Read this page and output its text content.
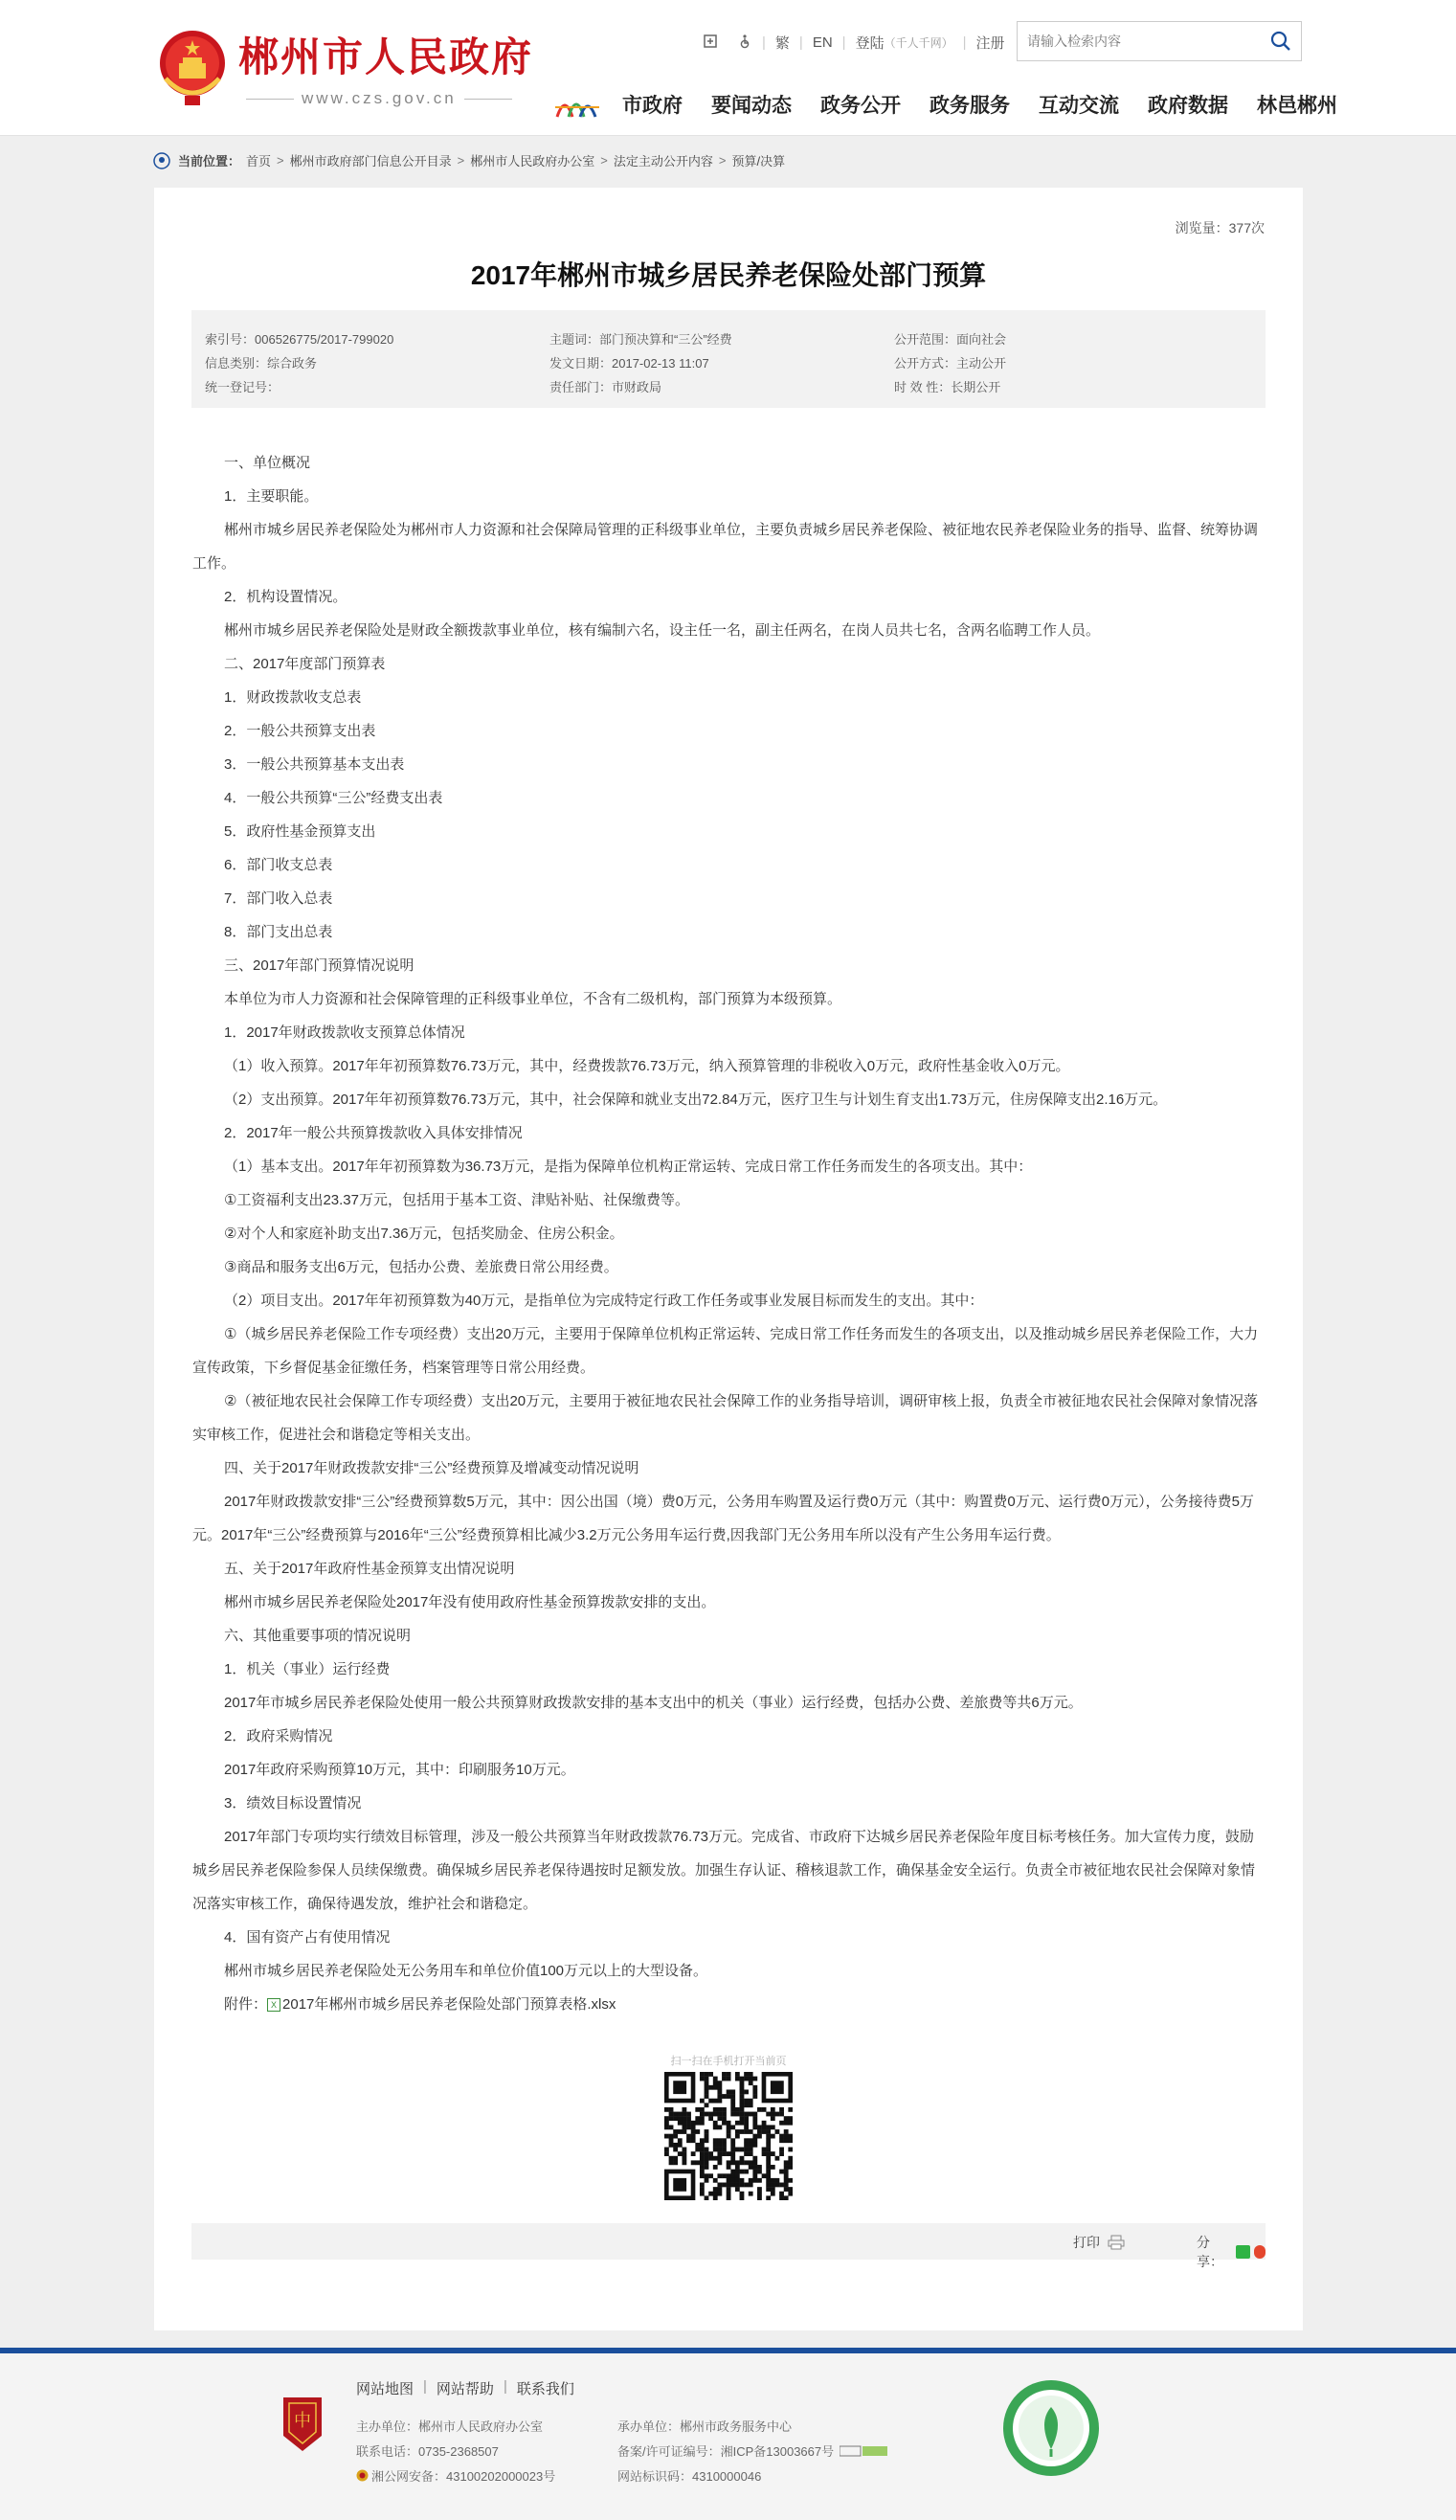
郴州市人民政府
www.czs.gov.cn
| 繁 | EN | 登陆 （千人千网） | 注册
请输入检索内容
市政府 要闻动态 政务公开 政务服务 互动交流 政府数据 林邑郴州
当前位置： 首页 > 郴州市政府部门信息公开目录 > 郴州市人民政府办公室 > 法定主动公开内容 > 预算/决算
浏览量：377次
2017年郴州市城乡居民养老保险处部门预算
索引号：006526775/2017-799020
信息类别：综合政务
统一登记号：
主题词：部门预决算和“三公”经费
发文日期：2017-02-13 11:07
责任部门：市财政局
公开范围：面向社会
公开方式：主动公开
时 效 性：长期公开

一、单位概况

1．主要职能。

郴州市城乡居民养老保险处为郴州市人力资源和社会保障局管理的正科级事业单位，主要负责城乡居民养老保险、被征地农民养老保险业务的指导、监督、统筹协调工作。

2．机构设置情况。

郴州市城乡居民养老保险处是财政全额拨款事业单位，核有编制六名，设主任一名，副主任两名，在岗人员共七名，含两名临聘工作人员。

二、2017年度部门预算表

1．财政拨款收支总表

2．一般公共预算支出表

3．一般公共预算基本支出表

4．一般公共预算“三公”经费支出表

5．政府性基金预算支出

6．部门收支总表

7．部门收入总表

8．部门支出总表

三、2017年部门预算情况说明

本单位为市人力资源和社会保障管理的正科级事业单位，不含有二级机构，部门预算为本级预算。

1．2017年财政拨款收支预算总体情况

（1）收入预算。2017年年初预算数76.73万元，其中，经费拨款76.73万元，纳入预算管理的非税收入0万元，政府性基金收入0万元。

（2）支出预算。2017年年初预算数76.73万元，其中，社会保障和就业支出72.84万元，医疗卫生与计划生育支出1.73万元，住房保障支出2.16万元。

2．2017年一般公共预算拨款收入具体安排情况

（1）基本支出。2017年年初预算数为36.73万元，是指为保障单位机构正常运转、完成日常工作任务而发生的各项支出。其中：

①工资福利支出23.37万元，包括用于基本工资、津贴补贴、社保缴费等。

②对个人和家庭补助支出7.36万元，包括奖励金、住房公积金。

③商品和服务支出6万元，包括办公费、差旅费日常公用经费。

（2）项目支出。2017年年初预算数为40万元，是指单位为完成特定行政工作任务或事业发展目标而发生的支出。其中：

①（城乡居民养老保险工作专项经费）支出20万元，主要用于保障单位机构正常运转、完成日常工作任务而发生的各项支出，以及推动城乡居民养老保险工作，大力宣传政策，下乡督促基金征缴任务，档案管理等日常公用经费。

②（被征地农民社会保障工作专项经费）支出20万元，主要用于被征地农民社会保障工作的业务指导培训，调研审核上报，负责全市被征地农民社会保障对象情况落实审核工作，促进社会和谐稳定等相关支出。

四、关于2017年财政拨款安排“三公”经费预算及增减变动情况说明

2017年财政拨款安排“三公”经费预算数5万元，其中：因公出国（境）费0万元，公务用车购置及运行费0万元（其中：购置费0万元、运行费0万元），公务接待费5万元。2017年“三公”经费预算与2016年“三公”经费预算相比减少3.2万元公务用车运行费,因我部门无公务用车所以没有产生公务用车运行费。

五、关于2017年政府性基金预算支出情况说明

郴州市城乡居民养老保险处2017年没有使用政府性基金预算拨款安排的支出。

六、其他重要事项的情况说明

1．机关（事业）运行经费

2017年市城乡居民养老保险处使用一般公共预算财政拨款安排的基本支出中的机关（事业）运行经费，包括办公费、差旅费等共6万元。

2．政府采购情况

2017年政府采购预算10万元，其中：印刷服务10万元。

3．绩效目标设置情况

2017年部门专项均实行绩效目标管理，涉及一般公共预算当年财政拨款76.73万元。完成省、市政府下达城乡居民养老保险年度目标考核任务。加大宣传力度，鼓励城乡居民养老保险参保人员续保缴费。确保城乡居民养老保待遇按时足额发放。加强生存认证、稽核退款工作，确保基金安全运行。负责全市被征地农民社会保障对象情况落实审核工作，确保待遇发放，维护社会和谐稳定。

4．国有资产占有使用情况

郴州市城乡居民养老保险处无公务用车和单位价值100万元以上的大型设备。

附件： X 2017年郴州市城乡居民养老保险处部门预算表格.xlsx

扫一扫在手机打开当前页
打印	分享：
中
网站地图 | 网站帮助 | 联系我们
主办单位：郴州市人民政府办公室
联系电话：0735-2368507
湘公网安备：43100202000023号
承办单位：郴州市政务服务中心
备案/许可证编号：湘ICP备13003667号
网站标识码：4310000046
